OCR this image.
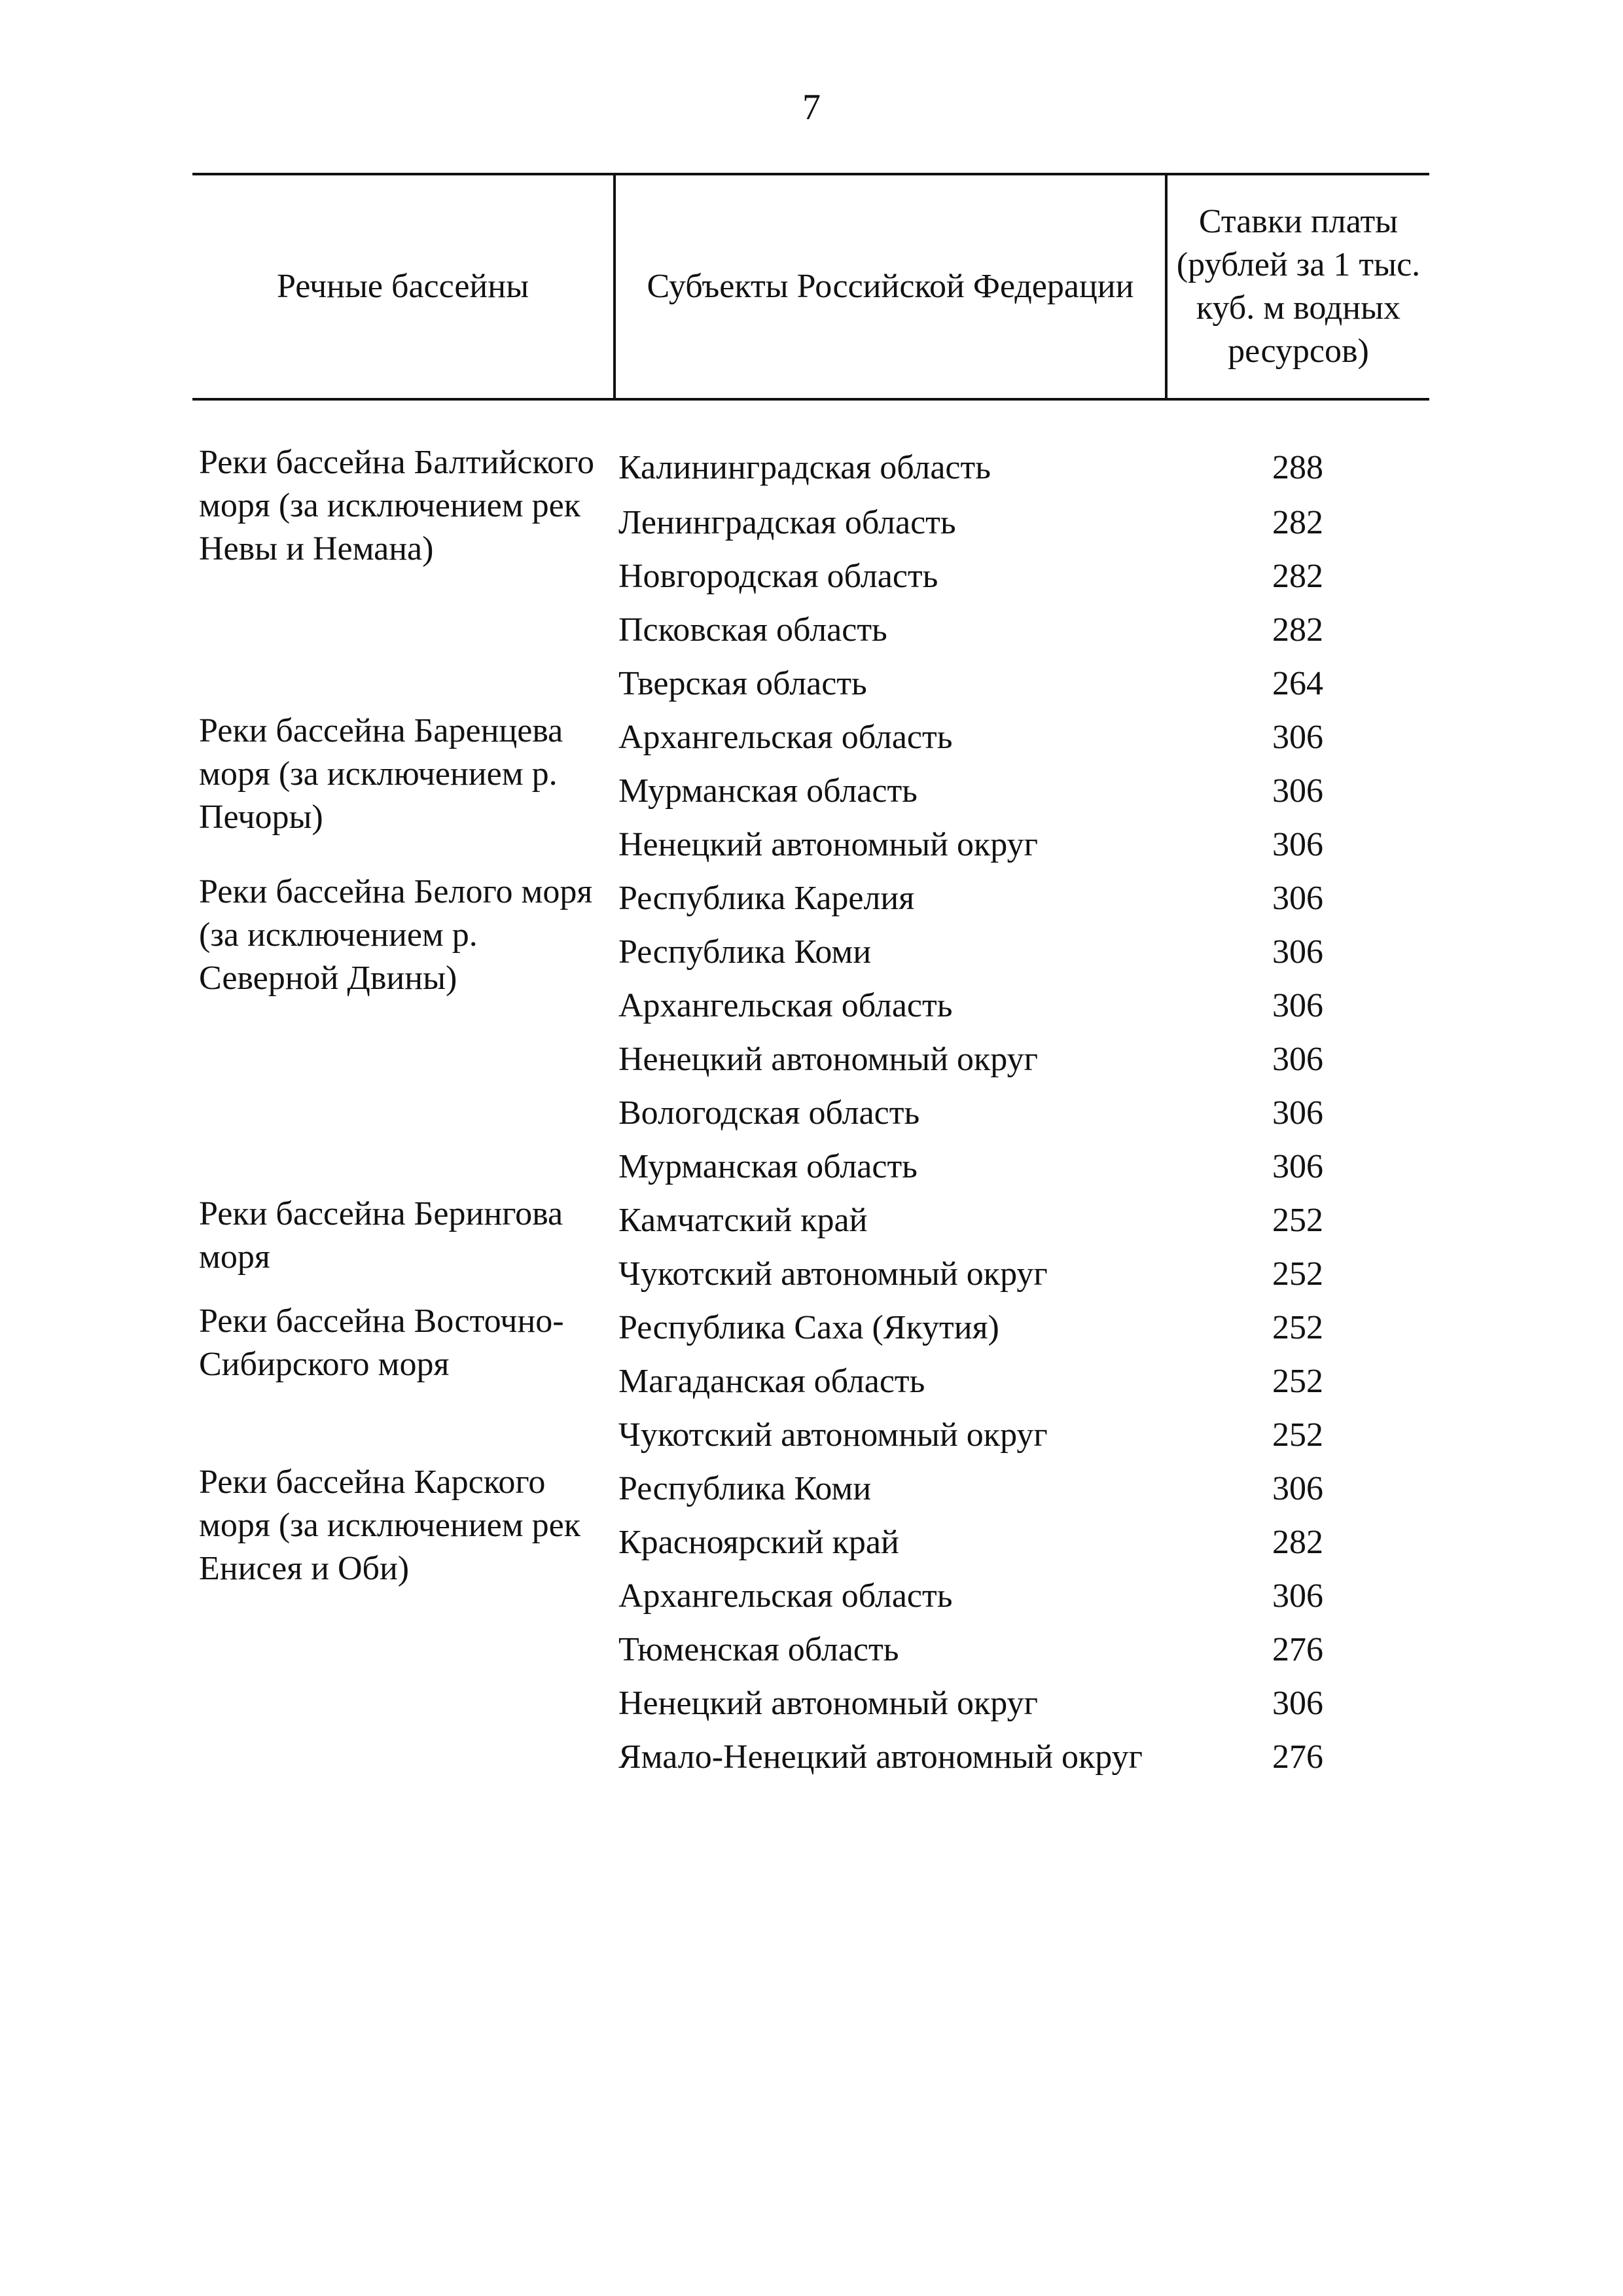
7
Речные бассейны	Субъекты Российской Федерации	Ставки платы (рублей за 1 тыс. куб. м водных ресурсов)

Реки бассейна Балтийского моря (за исключением рек Невы и Немана)	Калининградская область	288
	Ленинградская область	282
	Новгородская область	282
	Псковская область	282
	Тверская область	264
Реки бассейна Баренцева моря (за исключением р. Печоры)	Архангельская область	306
	Мурманская область	306
	Ненецкий автономный округ	306
Реки бассейна Белого моря (за исключением р. Северной Двины)	Республика Карелия	306
	Республика Коми	306
	Архангельская область	306
	Ненецкий автономный округ	306
	Вологодская область	306
	Мурманская область	306
Реки бассейна Берингова моря	Камчатский край	252
	Чукотский автономный округ	252
Реки бассейна Восточно-Сибирского моря	Республика Саха (Якутия)	252
	Магаданская область	252
	Чукотский автономный округ	252
Реки бассейна Карского моря (за исключением рек Енисея и Оби)	Республика Коми	306
	Красноярский край	282
	Архангельская область	306
	Тюменская область	276
	Ненецкий автономный округ	306
	Ямало-Ненецкий автономный округ	276
